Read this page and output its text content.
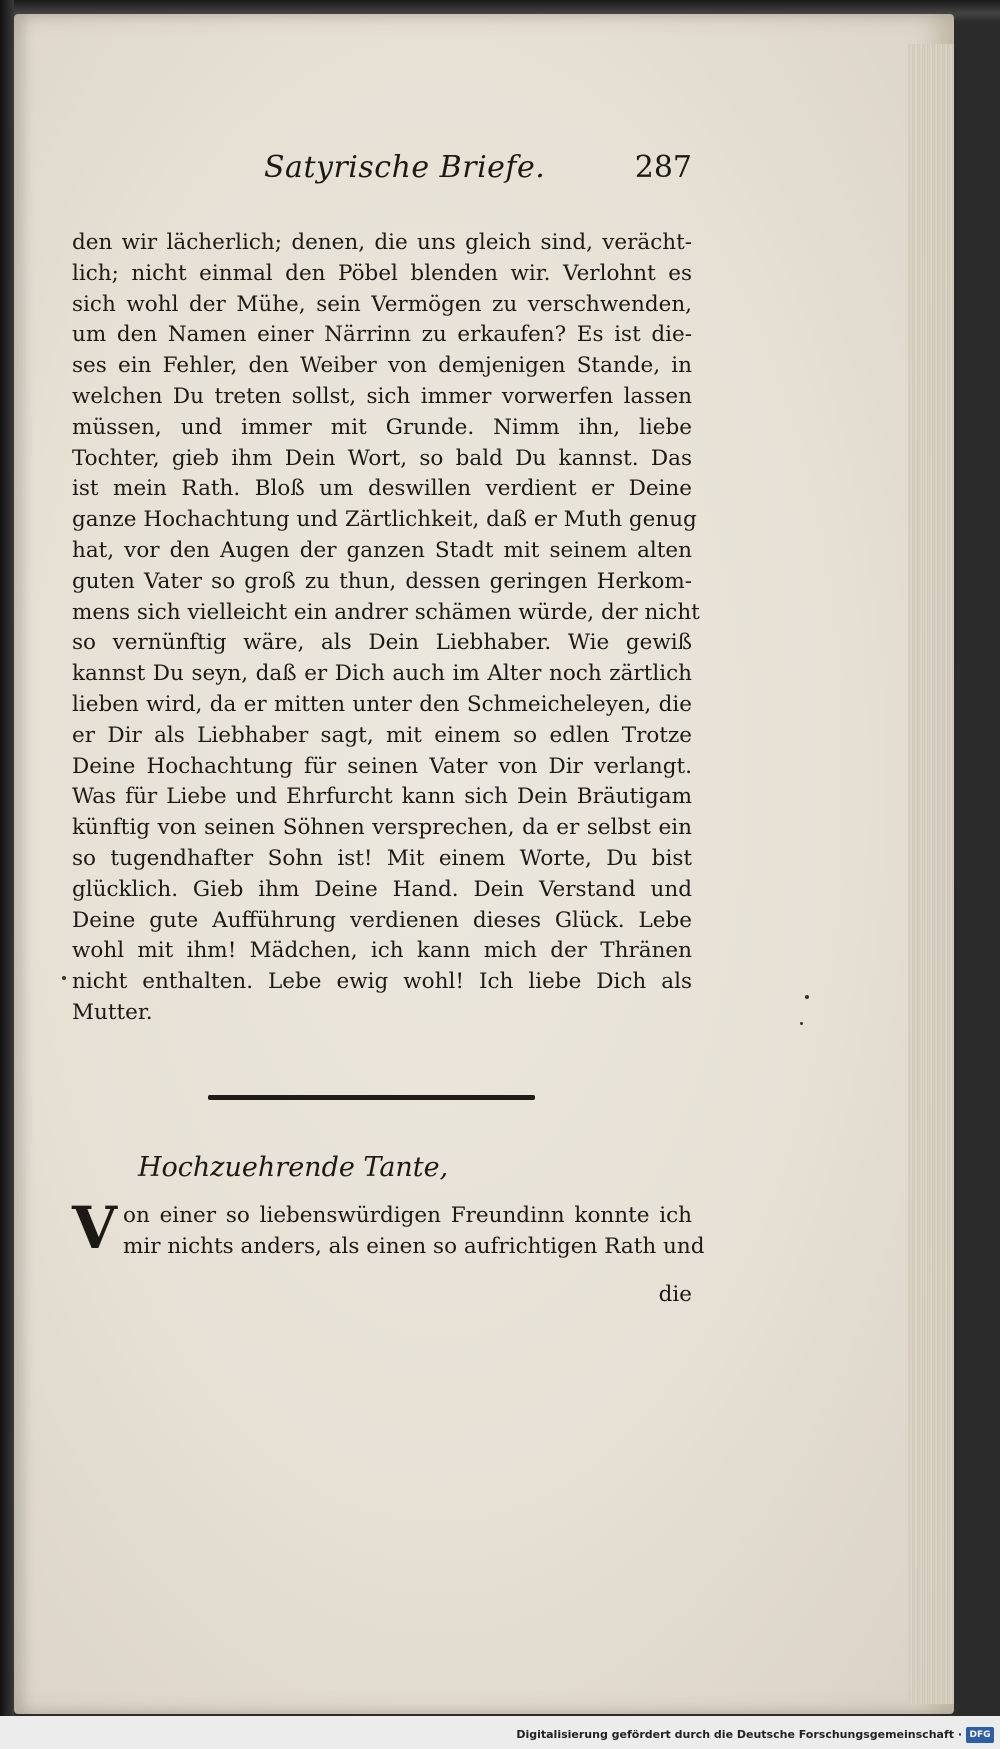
Satyrische Briefe.	287
den wir lächerlich; denen, die uns gleich sind, verächt-
lich; nicht einmal den Pöbel blenden wir. Verlohnt es
sich wohl der Mühe, sein Vermögen zu verschwenden,
um den Namen einer Närrinn zu erkaufen? Es ist die-
ses ein Fehler, den Weiber von demjenigen Stande, in
welchen Du treten sollst, sich immer vorwerfen lassen
müssen, und immer mit Grunde. Nimm ihn, liebe
Tochter, gieb ihm Dein Wort, so bald Du kannst. Das
ist mein Rath. Bloß um deswillen verdient er Deine
ganze Hochachtung und Zärtlichkeit, daß er Muth genug
hat, vor den Augen der ganzen Stadt mit seinem alten
guten Vater so groß zu thun, dessen geringen Herkom-
mens sich vielleicht ein andrer schämen würde, der nicht
so vernünftig wäre, als Dein Liebhaber. Wie gewiß
kannst Du seyn, daß er Dich auch im Alter noch zärtlich
lieben wird, da er mitten unter den Schmeicheleyen, die
er Dir als Liebhaber sagt, mit einem so edlen Trotze
Deine Hochachtung für seinen Vater von Dir verlangt.
Was für Liebe und Ehrfurcht kann sich Dein Bräutigam
künftig von seinen Söhnen versprechen, da er selbst ein
so tugendhafter Sohn ist! Mit einem Worte, Du bist
glücklich. Gieb ihm Deine Hand. Dein Verstand und
Deine gute Aufführung verdienen dieses Glück. Lebe
wohl mit ihm! Mädchen, ich kann mich der Thränen
nicht enthalten. Lebe ewig wohl! Ich liebe Dich als
Mutter.
Hochzuehrende Tante,
V on einer so liebenswürdigen Freundinn konnte ich
mir nichts anders, als einen so aufrichtigen Rath und
die
Digitalisierung gefördert durch die Deutsche Forschungsgemeinschaft · DFG
